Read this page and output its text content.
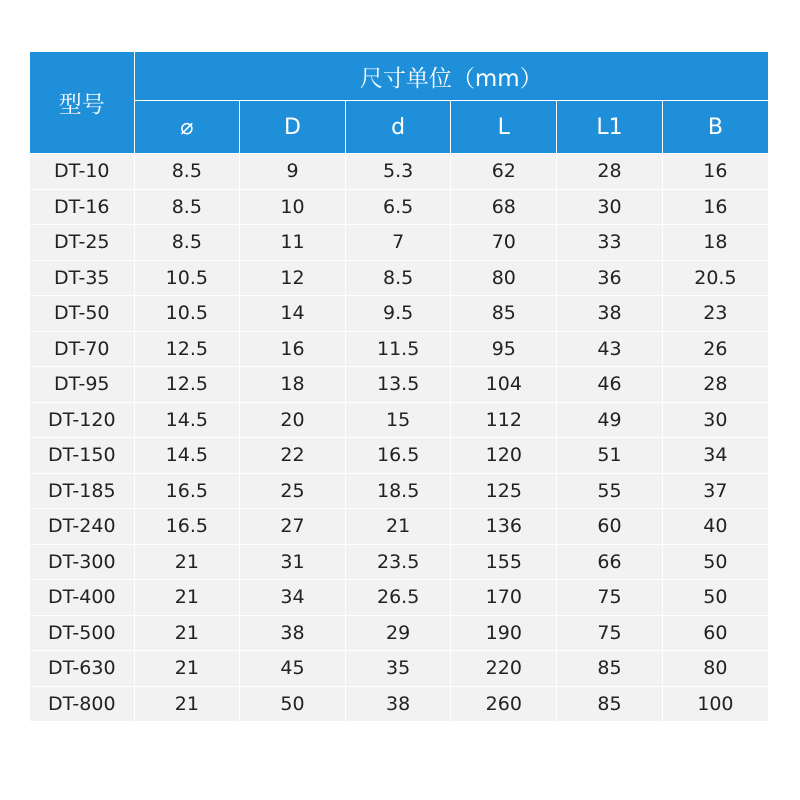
型号	尺寸单位（mm）					
	⌀	D	d	L	L1	B
DT-10	8.5	9	5.3	62	28	16
DT-16	8.5	10	6.5	68	30	16
DT-25	8.5	11	7	70	33	18
DT-35	10.5	12	8.5	80	36	20.5
DT-50	10.5	14	9.5	85	38	23
DT-70	12.5	16	11.5	95	43	26
DT-95	12.5	18	13.5	104	46	28
DT-120	14.5	20	15	112	49	30
DT-150	14.5	22	16.5	120	51	34
DT-185	16.5	25	18.5	125	55	37
DT-240	16.5	27	21	136	60	40
DT-300	21	31	23.5	155	66	50
DT-400	21	34	26.5	170	75	50
DT-500	21	38	29	190	75	60
DT-630	21	45	35	220	85	80
DT-800	21	50	38	260	85	100
